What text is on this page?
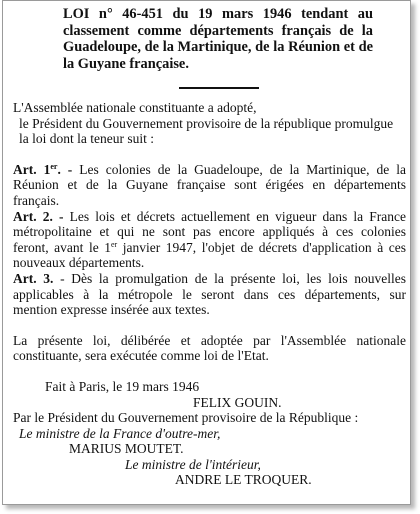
LOI n° 46-451 du 19 mars 1946 tendant au classement comme départements français de la Guadeloupe, de la Martinique, de la Réunion et de la Guyane française.
L'Assemblée nationale constituante a adopté,
le Président du Gouvernement provisoire de la république promulgue
la loi dont la teneur suit :
Art. 1er. - Les colonies de la Guadeloupe, de la Martinique, de la
Réunion et de la Guyane française sont érigées en départements
français.
Art. 2. - Les lois et décrets actuellement en vigueur dans la France
métropolitaine et qui ne sont pas encore appliqués à ces colonies
feront, avant le 1er janvier 1947, l'objet de décrets d'application à ces
nouveaux départements.
Art. 3. - Dès la promulgation de la présente loi, les lois nouvelles
applicables à la métropole le seront dans ces départements, sur
mention expresse insérée aux textes.
La présente loi, délibérée et adoptée par l'Assemblée nationale
constituante, sera exécutée comme loi de l'Etat.
Fait à Paris, le 19 mars 1946
FELIX GOUIN.
Par le Président du Gouvernement provisoire de la République :
Le ministre de la France d'outre-mer,
MARIUS MOUTET.
Le ministre de l'intérieur,
ANDRE LE TROQUER.
